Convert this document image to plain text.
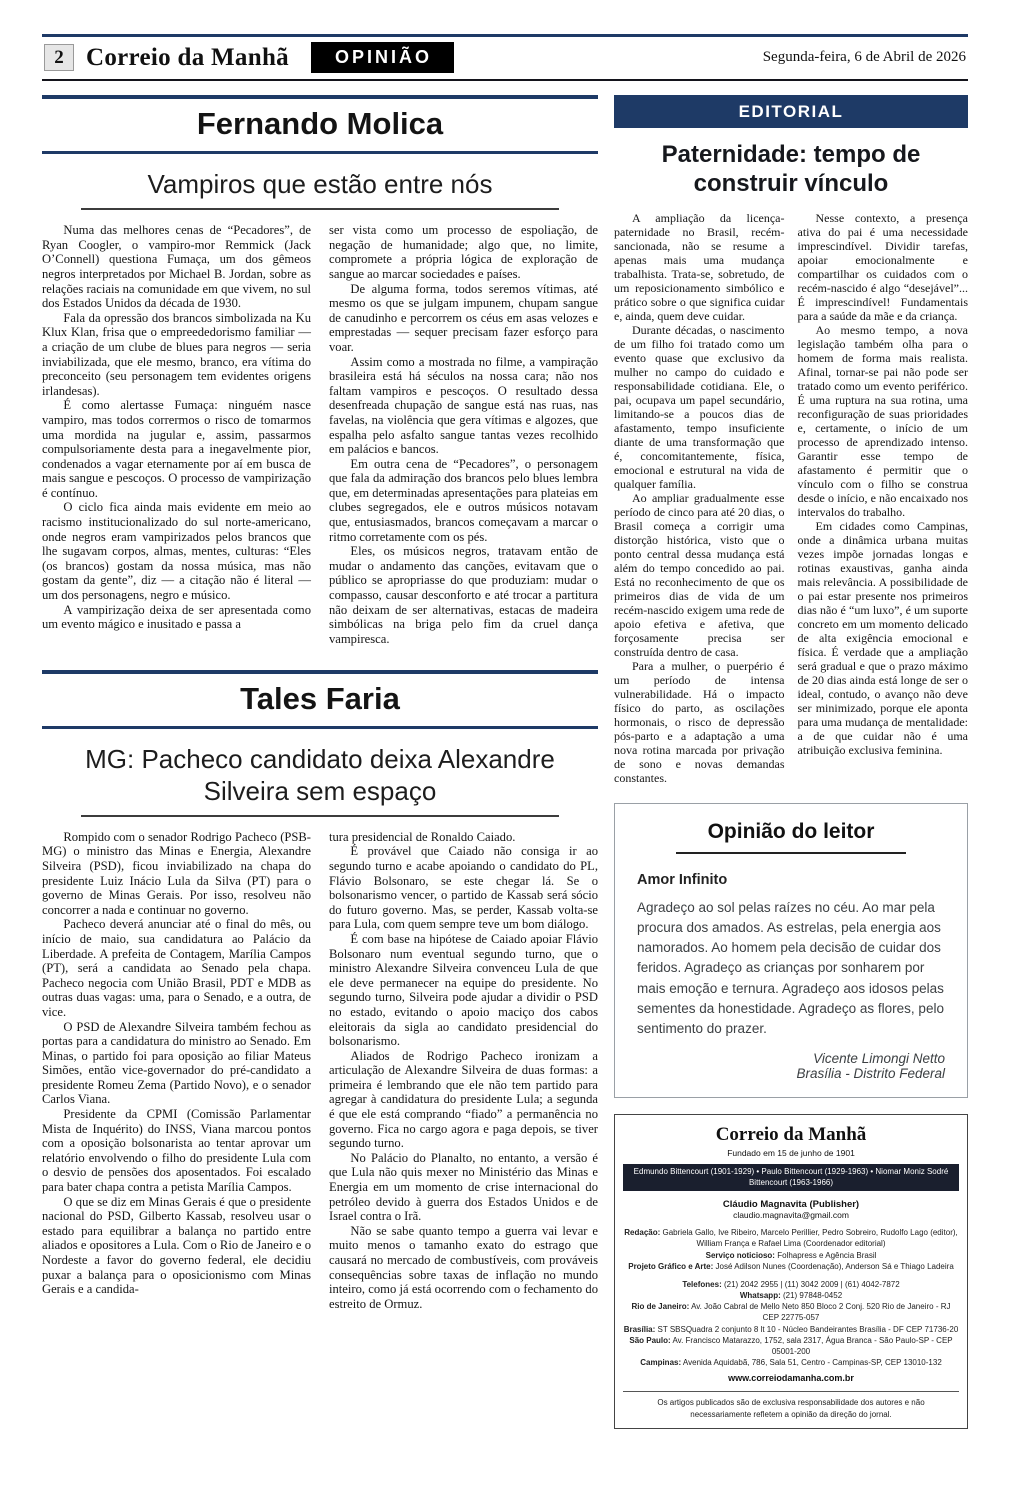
2 Correio da Manhã	OPINIÃO	Segunda-feira, 6 de Abril de 2026
Fernando Molica
Vampiros que estão entre nós

Numa das melhores cenas de “Pecadores”, de Ryan Coogler, o vampiro-mor Remmick (Jack O’Connell) questiona Fumaça, um dos gêmeos negros interpretados por Michael B. Jordan, sobre as relações raciais na comunidade em que vivem, no sul dos Estados Unidos da década de 1930.

Fala da opressão dos brancos simbolizada na Ku Klux Klan, frisa que o empreededorismo familiar — a criação de um clube de blues para negros — seria inviabilizada, que ele mesmo, branco, era vítima do preconceito (seu personagem tem evidentes origens irlandesas).

É como alertasse Fumaça: ninguém nasce vampiro, mas todos corrermos o risco de tomarmos uma mordida na jugular e, assim, passarmos compulsoriamente desta para a inegavelmente pior, condenados a vagar eternamente por aí em busca de mais sangue e pescoços. O processo de vampirização é contínuo.

O ciclo fica ainda mais evidente em meio ao racismo institucionalizado do sul norte-americano, onde negros eram vampirizados pelos brancos que lhe sugavam corpos, almas, mentes, culturas: “Eles (os brancos) gostam da nossa música, mas não gostam da gente”, diz — a citação não é literal — um dos personagens, negro e músico.

A vampirização deixa de ser apresentada como um evento mágico e inusitado e passa a

ser vista como um processo de espoliação, de negação de humanidade; algo que, no limite, compromete a própria lógica de exploração de sangue ao marcar sociedades e países.

De alguma forma, todos seremos vítimas, até mesmo os que se julgam impunem, chupam sangue de canudinho e percorrem os céus em asas velozes e emprestadas — sequer precisam fazer esforço para voar.

Assim como a mostrada no filme, a vampiração brasileira está há séculos na nossa cara; não nos faltam vampiros e pescoços. O resultado dessa desenfreada chupação de sangue está nas ruas, nas favelas, na violência que gera vítimas e algozes, que espalha pelo asfalto sangue tantas vezes recolhido em palácios e bancos.

Em outra cena de “Pecadores”, o personagem que fala da admiração dos brancos pelo blues lembra que, em determinadas apresentações para plateias em clubes segregados, ele e outros músicos notavam que, entusiasmados, brancos começavam a marcar o ritmo corretamente com os pés.

Eles, os músicos negros, tratavam então de mudar o andamento das canções, evitavam que o público se apropriasse do que produziam: mudar o compasso, causar desconforto e até trocar a partitura não deixam de ser alternativas, estacas de madeira simbólicas na briga pelo fim da cruel dança vampiresca.

Tales Faria
MG: Pacheco candidato deixa Alexandre Silveira sem espaço

Rompido com o senador Rodrigo Pacheco (PSB-MG) o ministro das Minas e Energia, Alexandre Silveira (PSD), ficou inviabilizado na chapa do presidente Luiz Inácio Lula da Silva (PT) para o governo de Minas Gerais. Por isso, resolveu não concorrer a nada e continuar no governo.

Pacheco deverá anunciar até o final do mês, ou início de maio, sua candidatura ao Palácio da Liberdade. A prefeita de Contagem, Marília Campos (PT), será a candidata ao Senado pela chapa. Pacheco negocia com União Brasil, PDT e MDB as outras duas vagas: uma, para o Senado, e a outra, de vice.

O PSD de Alexandre Silveira também fechou as portas para a candidatura do ministro ao Senado. Em Minas, o partido foi para oposição ao filiar Mateus Simões, então vice-governador do pré-candidato a presidente Romeu Zema (Partido Novo), e o senador Carlos Viana.

Presidente da CPMI (Comissão Parlamentar Mista de Inquérito) do INSS, Viana marcou pontos com a oposição bolsonarista ao tentar aprovar um relatório envolvendo o filho do presidente Lula com o desvio de pensões dos aposentados. Foi escalado para bater chapa contra a petista Marília Campos.

O que se diz em Minas Gerais é que o presidente nacional do PSD, Gilberto Kassab, resolveu usar o estado para equilibrar a balança no partido entre aliados e opositores a Lula. Com o Rio de Janeiro e o Nordeste a favor do governo federal, ele decidiu puxar a balança para o oposicionismo com Minas Gerais e a candida-

tura presidencial de Ronaldo Caiado.

É provável que Caiado não consiga ir ao segundo turno e acabe apoiando o candidato do PL, Flávio Bolsonaro, se este chegar lá. Se o bolsonarismo vencer, o partido de Kassab será sócio do futuro governo. Mas, se perder, Kassab volta-se para Lula, com quem sempre teve um bom diálogo.

É com base na hipótese de Caiado apoiar Flávio Bolsonaro num eventual segundo turno, que o ministro Alexandre Silveira convenceu Lula de que ele deve permanecer na equipe do presidente. No segundo turno, Silveira pode ajudar a dividir o PSD no estado, evitando o apoio maciço dos cabos eleitorais da sigla ao candidato presidencial do bolsonarismo.

Aliados de Rodrigo Pacheco ironizam a articulação de Alexandre Silveira de duas formas: a primeira é lembrando que ele não tem partido para agregar à candidatura do presidente Lula; a segunda é que ele está comprando “fiado” a permanência no governo. Fica no cargo agora e paga depois, se tiver segundo turno.

No Palácio do Planalto, no entanto, a versão é que Lula não quis mexer no Ministério das Minas e Energia em um momento de crise internacional do petróleo devido à guerra dos Estados Unidos e de Israel contra o Irã.

Não se sabe quanto tempo a guerra vai levar e muito menos o tamanho exato do estrago que causará no mercado de combustíveis, com prováveis consequências sobre taxas de inflação no mundo inteiro, como já está ocorrendo com o fechamento do estreito de Ormuz.

EDITORIAL
Paternidade: tempo de construir vínculo

A ampliação da licença-paternidade no Brasil, recém-sancionada, não se resume a apenas mais uma mudança trabalhista. Trata-se, sobretudo, de um reposicionamento simbólico e prático sobre o que significa cuidar e, ainda, quem deve cuidar.

Durante décadas, o nascimento de um filho foi tratado como um evento quase que exclusivo da mulher no campo do cuidado e responsabilidade cotidiana. Ele, o pai, ocupava um papel secundário, limitando-se a poucos dias de afastamento, tempo insuficiente diante de uma transformação que é, concomitantemente, física, emocional e estrutural na vida de qualquer família.

Ao ampliar gradualmente esse período de cinco para até 20 dias, o Brasil começa a corrigir uma distorção histórica, visto que o ponto central dessa mudança está além do tempo concedido ao pai. Está no reconhecimento de que os primeiros dias de vida de um recém-nascido exigem uma rede de apoio efetiva e afetiva, que forçosamente precisa ser construída dentro de casa.

Para a mulher, o puerpério é um período de intensa vulnerabilidade. Há o impacto físico do parto, as oscilações hormonais, o risco de depressão pós-parto e a adaptação a uma nova rotina marcada por privação de sono e novas demandas constantes.

Nesse contexto, a presença ativa do pai é uma necessidade imprescindível. Dividir tarefas, apoiar emocionalmente e compartilhar os cuidados com o recém-nascido é algo “desejável”... É imprescindível! Fundamentais para a saúde da mãe e da criança.

Ao mesmo tempo, a nova legislação também olha para o homem de forma mais realista. Afinal, tornar-se pai não pode ser tratado como um evento periférico. É uma ruptura na sua rotina, uma reconfiguração de suas prioridades e, certamente, o início de um processo de aprendizado intenso. Garantir esse tempo de afastamento é permitir que o vínculo com o filho se construa desde o início, e não encaixado nos intervalos do trabalho.

Em cidades como Campinas, onde a dinâmica urbana muitas vezes impõe jornadas longas e rotinas exaustivas, ganha ainda mais relevância. A possibilidade de o pai estar presente nos primeiros dias não é “um luxo”, é um suporte concreto em um momento delicado de alta exigência emocional e física. É verdade que a ampliação será gradual e que o prazo máximo de 20 dias ainda está longe de ser o ideal, contudo, o avanço não deve ser minimizado, porque ele aponta para uma mudança de mentalidade: a de que cuidar não é uma atribuição exclusiva feminina.

Opinião do leitor
Amor Infinito

Agradeço ao sol pelas raízes no céu. Ao mar pela procura dos amados. As estrelas, pela energia aos namorados. Ao homem pela decisão de cuidar dos feridos. Agradeço as crianças por sonharem por mais emoção e ternura. Agradeço aos idosos pelas sementes da honestidade. Agradeço as flores, pelo sentimento do prazer.

Vicente Limongi Netto

Brasília - Distrito Federal

Correio da Manhã
Fundado em 15 de junho de 1901
Edmundo Bittencourt (1901-1929) • Paulo Bittencourt (1929-1963) • Niomar Moniz Sodré Bittencourt (1963-1966)
Cláudio Magnavita (Publisher)
claudio.magnavita@gmail.com

Redação: Gabriela Gallo, Ive Ribeiro, Marcelo Perillier, Pedro Sobreiro, Rudolfo Lago (editor), William França e Rafael Lima (Coordenador editorial)

Serviço noticioso: Folhapress e Agência Brasil

Projeto Gráfico e Arte: José Adilson Nunes (Coordenação), Anderson Sá e Thiago Ladeira

Telefones: (21) 2042 2955 | (11) 3042 2009 | (61) 4042-7872

Whatsapp: (21) 97848-0452

Rio de Janeiro: Av. João Cabral de Mello Neto 850 Bloco 2 Conj. 520 Rio de Janeiro - RJ CEP 22775-057

Brasília: ST SBSQuadra 2 conjunto 8 lt 10 - Núcleo Bandeirantes Brasília - DF CEP 71736-20

São Paulo: Av. Francisco Matarazzo, 1752, sala 2317, Água Branca - São Paulo-SP - CEP 05001-200

Campinas: Avenida Aquidabã, 786, Sala 51, Centro - Campinas-SP, CEP 13010-132

www.correiodamanha.com.br
Os artigos publicados são de exclusiva responsabilidade dos autores e não necessariamente refletem a opinião da direção do jornal.
